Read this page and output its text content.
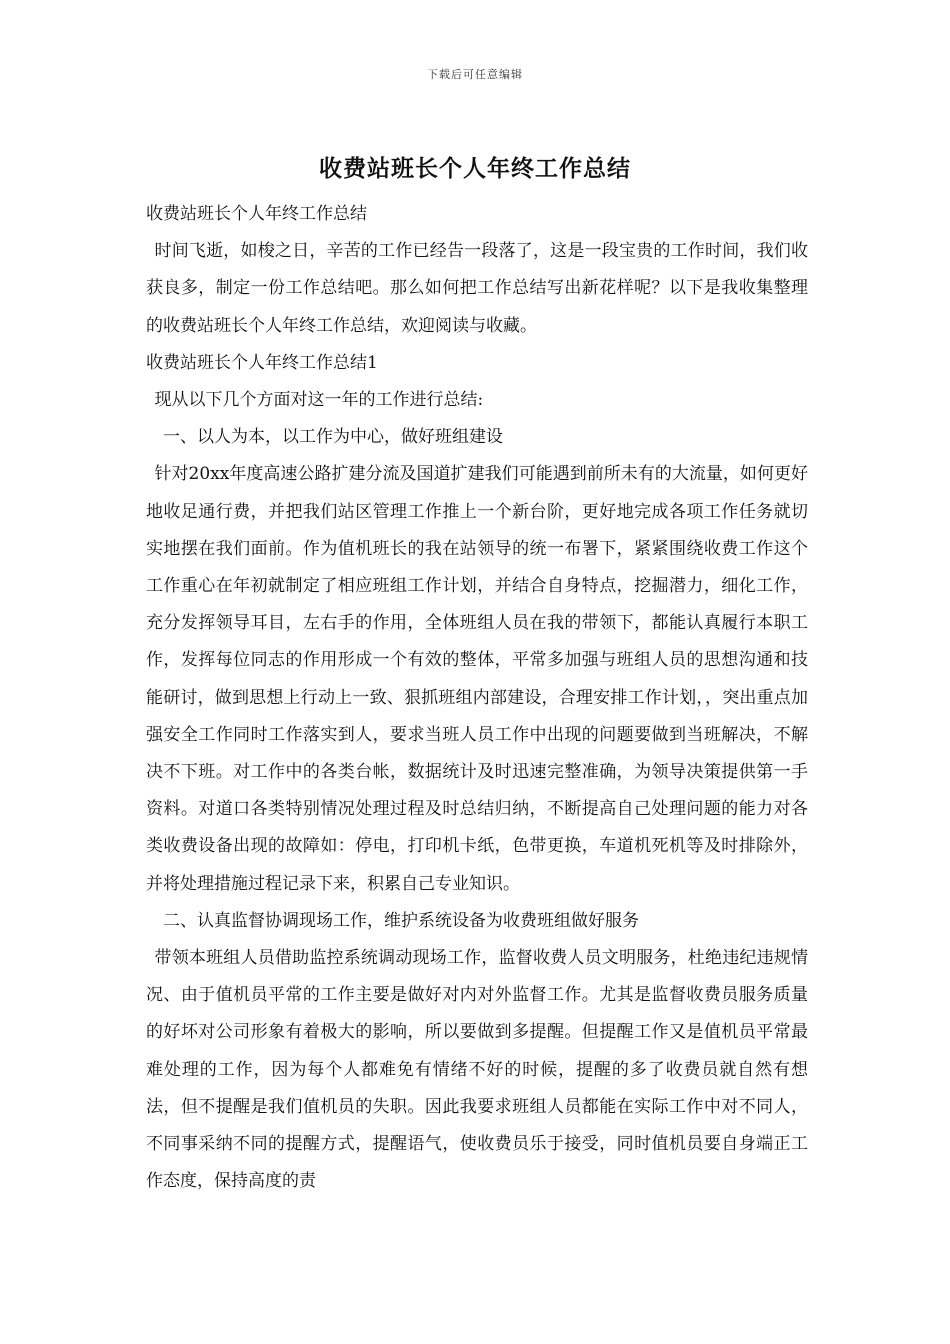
下载后可任意编辑
收费站班长个人年终工作总结

收费站班长个人年终工作总结

时间飞逝，如梭之日，辛苦的工作已经告一段落了，这是一段宝贵的工作时间，我们收获良多，制定一份工作总结吧。那么如何把工作总结写出新花样呢？以下是我收集整理的收费站班长个人年终工作总结，欢迎阅读与收藏。

收费站班长个人年终工作总结1

现从以下几个方面对这一年的工作进行总结:

一、以人为本，以工作为中心，做好班组建设

针对20xx年度高速公路扩建分流及国道扩建我们可能遇到前所未有的大流量，如何更好地收足通行费，并把我们站区管理工作推上一个新台阶，更好地完成各项工作任务就切实地摆在我们面前。作为值机班长的我在站领导的统一布署下，紧紧围绕收费工作这个工作重心在年初就制定了相应班组工作计划，并结合自身特点，挖掘潜力，细化工作，充分发挥领导耳目，左右手的作用，全体班组人员在我的带领下，都能认真履行本职工作，发挥每位同志的作用形成一个有效的整体，平常多加强与班组人员的思想沟通和技能研讨，做到思想上行动上一致、狠抓班组内部建设，合理安排工作计划，，突出重点加强安全工作同时工作落实到人，要求当班人员工作中出现的问题要做到当班解决，不解决不下班。对工作中的各类台帐，数据统计及时迅速完整准确，为领导决策提供第一手资料。对道口各类特别情况处理过程及时总结归纳，不断提高自己处理问题的能力对各类收费设备出现的故障如：停电，打印机卡纸，色带更换，车道机死机等及时排除外，并将处理措施过程记录下来，积累自己专业知识。

二、认真监督协调现场工作，维护系统设备为收费班组做好服务

带领本班组人员借助监控系统调动现场工作，监督收费人员文明服务，杜绝违纪违规情况、由于值机员平常的工作主要是做好对内对外监督工作。尤其是监督收费员服务质量的好坏对公司形象有着极大的影响，所以要做到多提醒。但提醒工作又是值机员平常最难处理的工作，因为每个人都难免有情绪不好的时候，提醒的多了收费员就自然有想法，但不提醒是我们值机员的失职。因此我要求班组人员都能在实际工作中对不同人，不同事采纳不同的提醒方式，提醒语气，使收费员乐于接受，同时值机员要自身端正工作态度，保持高度的责
